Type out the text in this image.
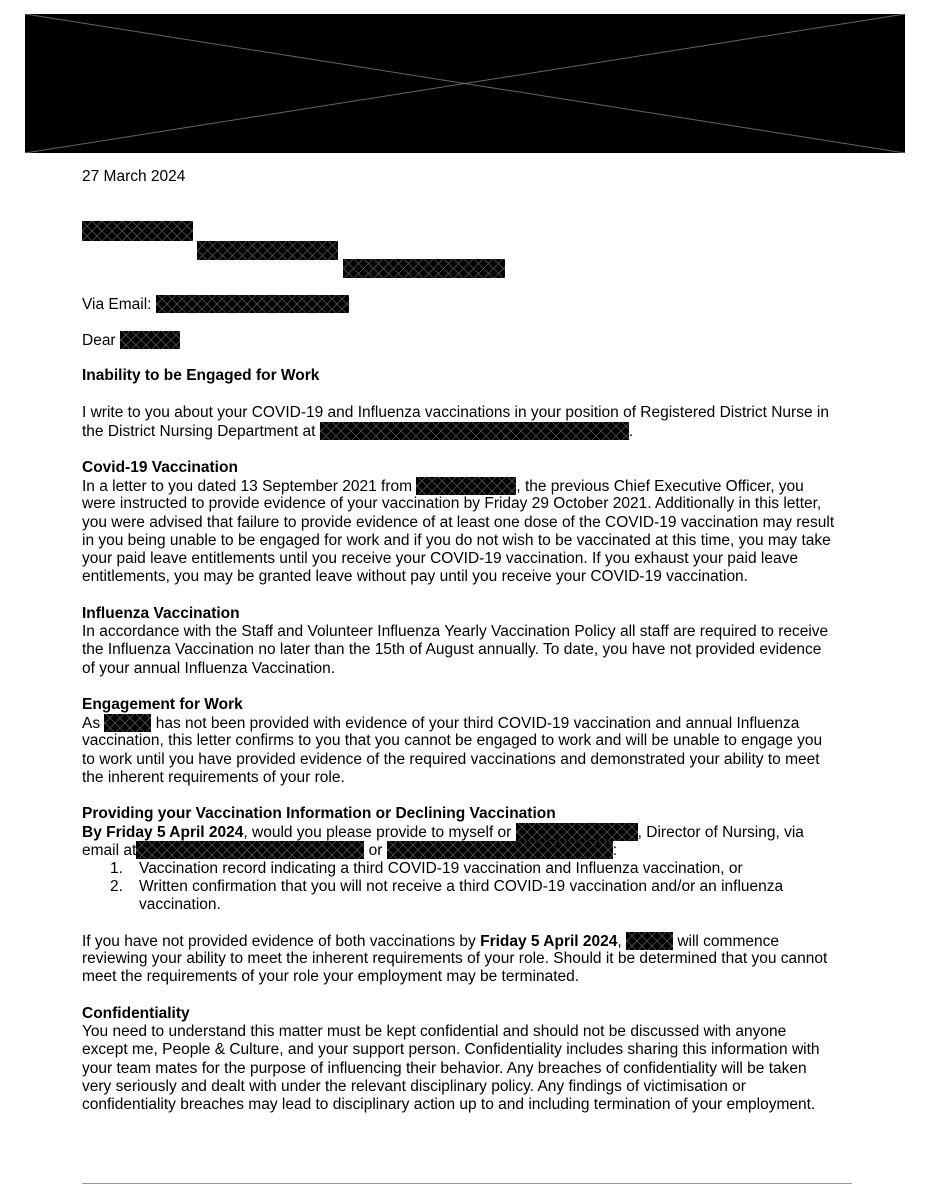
27 March 2024

Via Email:
Dear
Inability to be Engaged for Work
I write to you about your COVID-19 and Influenza vaccinations in your position of Registered District Nurse in
the District Nursing Department at	.
Covid-19 Vaccination
In a letter to you dated 13 September 2021 from	, the previous Chief Executive Officer, you
were instructed to provide evidence of your vaccination by Friday 29 October 2021. Additionally in this letter,
you were advised that failure to provide evidence of at least one dose of the COVID-19 vaccination may result
in you being unable to be engaged for work and if you do not wish to be vaccinated at this time, you may take
your paid leave entitlements until you receive your COVID-19 vaccination. If you exhaust your paid leave
entitlements, you may be granted leave without pay until you receive your COVID-19 vaccination.
Influenza Vaccination
In accordance with the Staff and Volunteer Influenza Yearly Vaccination Policy all staff are required to receive
the Influenza Vaccination no later than the 15th of August annually. To date, you have not provided evidence
of your annual Influenza Vaccination.
Engagement for Work
As	has not been provided with evidence of your third COVID-19 vaccination and annual Influenza
vaccination, this letter confirms to you that you cannot be engaged to work and will be unable to engage you
to work until you have provided evidence of the required vaccinations and demonstrated your ability to meet
the inherent requirements of your role.
Providing your Vaccination Information or Declining Vaccination
By Friday 5 April 2024, would you please provide to myself or	, Director of Nursing, via
email at	or	:
1. Vaccination record indicating a third COVID-19 vaccination and Influenza vaccination, or
2. Written confirmation that you will not receive a third COVID-19 vaccination and/or an influenza
vaccination.
If you have not provided evidence of both vaccinations by Friday 5 April 2024,	will commence
reviewing your ability to meet the inherent requirements of your role. Should it be determined that you cannot
meet the requirements of your role your employment may be terminated.
Confidentiality
You need to understand this matter must be kept confidential and should not be discussed with anyone
except me, People & Culture, and your support person. Confidentiality includes sharing this information with
your team mates for the purpose of influencing their behavior. Any breaches of confidentiality will be taken
very seriously and dealt with under the relevant disciplinary policy. Any findings of victimisation or
confidentiality breaches may lead to disciplinary action up to and including termination of your employment.
